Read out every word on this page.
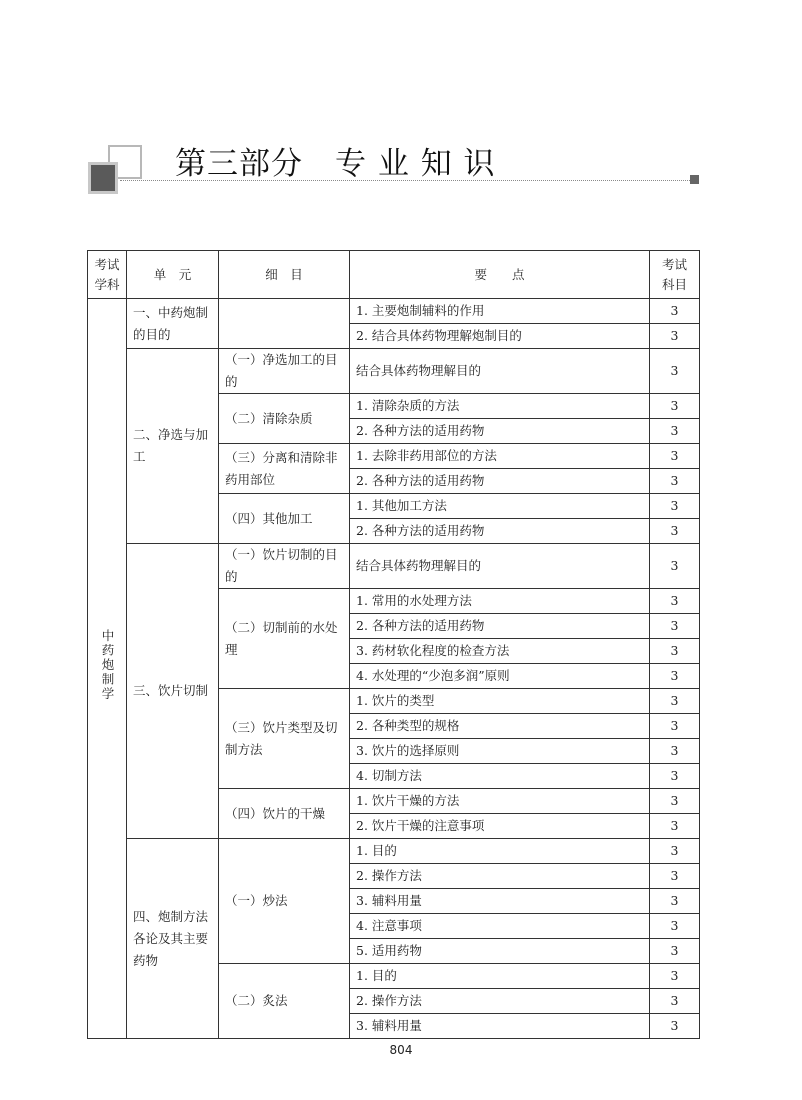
第三部分　专 业 知 识
考试学科	单　元	细　目	要　　点	考试科目
中药炮制学	一、中药炮制的目的		1. 主要炮制辅料的作用	3
			2. 结合具体药物理解炮制目的	3
	二、净选与加工	（一）净选加工的目的	结合具体药物理解目的	3
		（二）清除杂质	1. 清除杂质的方法	3
			2. 各种方法的适用药物	3
		（三）分离和清除非药用部位	1. 去除非药用部位的方法	3
			2. 各种方法的适用药物	3
		（四）其他加工	1. 其他加工方法	3
			2. 各种方法的适用药物	3
	三、饮片切制	（一）饮片切制的目的	结合具体药物理解目的	3
		（二）切制前的水处理	1. 常用的水处理方法	3
			2. 各种方法的适用药物	3
			3. 药材软化程度的检查方法	3
			4. 水处理的“少泡多润”原则	3
		（三）饮片类型及切制方法	1. 饮片的类型	3
			2. 各种类型的规格	3
			3. 饮片的选择原则	3
			4. 切制方法	3
		（四）饮片的干燥	1. 饮片干燥的方法	3
			2. 饮片干燥的注意事项	3
	四、炮制方法各论及其主要药物	（一）炒法	1. 目的	3
			2. 操作方法	3
			3. 辅料用量	3
			4. 注意事项	3
			5. 适用药物	3
		（二）炙法	1. 目的	3
			2. 操作方法	3
			3. 辅料用量	3
804
